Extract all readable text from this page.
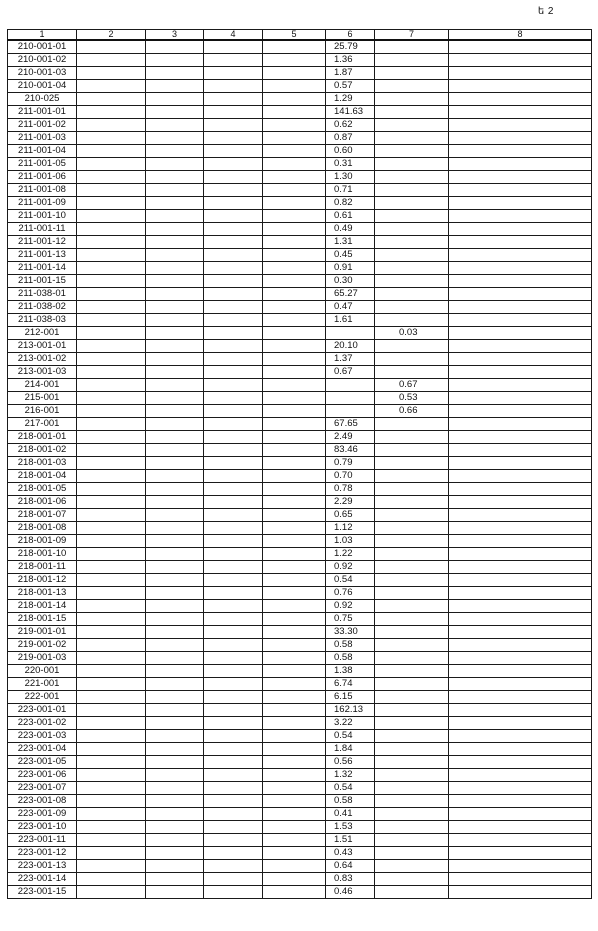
ե 2
1	2	3	4	5	6	7	8
210-001-01					25.79		
210-001-02					1.36		
210-001-03					1.87		
210-001-04					0.57		
210-025					1.29		
211-001-01					141.63		
211-001-02					0.62		
211-001-03					0.87		
211-001-04					0.60		
211-001-05					0.31		
211-001-06					1.30		
211-001-08					0.71		
211-001-09					0.82		
211-001-10					0.61		
211-001-11					0.49		
211-001-12					1.31		
211-001-13					0.45		
211-001-14					0.91		
211-001-15					0.30		
211-038-01					65.27		
211-038-02					0.47		
211-038-03					1.61		
212-001						0.03	
213-001-01					20.10		
213-001-02					1.37		
213-001-03					0.67		
214-001						0.67	
215-001						0.53	
216-001						0.66	
217-001					67.65		
218-001-01					2.49		
218-001-02					83.46		
218-001-03					0.79		
218-001-04					0.70		
218-001-05					0.78		
218-001-06					2.29		
218-001-07					0.65		
218-001-08					1.12		
218-001-09					1.03		
218-001-10					1.22		
218-001-11					0.92		
218-001-12					0.54		
218-001-13					0.76		
218-001-14					0.92		
218-001-15					0.75		
219-001-01					33.30		
219-001-02					0.58		
219-001-03					0.58		
220-001					1.38		
221-001					6.74		
222-001					6.15		
223-001-01					162.13		
223-001-02					3.22		
223-001-03					0.54		
223-001-04					1.84		
223-001-05					0.56		
223-001-06					1.32		
223-001-07					0.54		
223-001-08					0.58		
223-001-09					0.41		
223-001-10					1.53		
223-001-11					1.51		
223-001-12					0.43		
223-001-13					0.64		
223-001-14					0.83		
223-001-15					0.46		
